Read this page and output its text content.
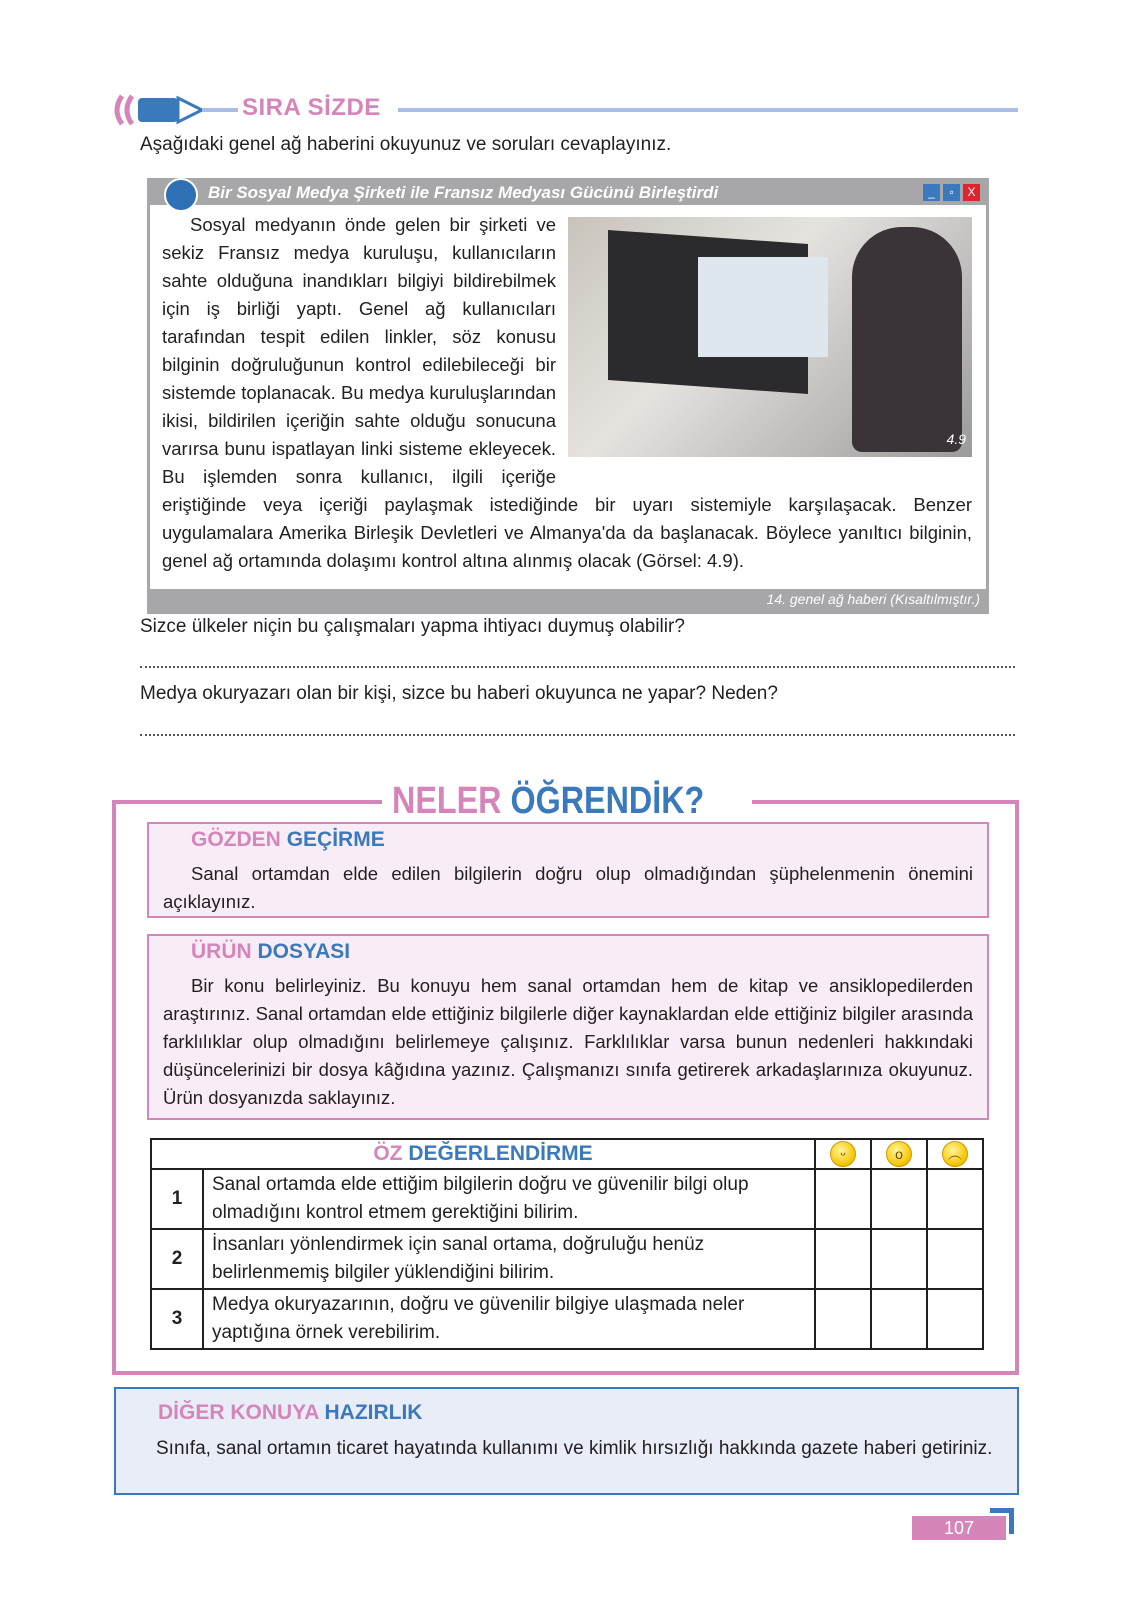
SIRA SİZDE
Aşağıdaki genel ağ haberini okuyunuz ve soruları cevaplayınız.
Bir Sosyal Medya Şirketi ile Fransız Medyası Gücünü Birleştirdi	_	▫	X
4.9
Sosyal medyanın önde gelen bir şirketi ve sekiz Fransız medya kuruluşu, kullanıcıların sahte olduğuna inandıkları bilgiyi bildirebilmek için iş birliği yaptı. Genel ağ kullanıcıları tarafından tespit edilen linkler, söz konusu bilginin doğruluğunun kontrol edilebileceği bir sistemde toplanacak. Bu medya kuruluşlarından ikisi, bildirilen içeriğin sahte olduğu sonucuna varırsa bunu ispatlayan linki sisteme ekleyecek. Bu işlemden sonra kullanıcı, ilgili içeriğe eriştiğinde veya içeriği paylaşmak istediğinde bir uyarı sistemiyle karşılaşacak. Benzer uygulamalara Amerika Birleşik Devletleri ve Almanya'da da başlanacak. Böylece yanıltıcı bilginin, genel ağ ortamında dolaşımı kontrol altına alınmış olacak (Görsel: 4.9).
14. genel ağ haberi (Kısaltılmıştır.)
Sizce ülkeler niçin bu çalışmaları yapma ihtiyacı duymuş olabilir?
Medya okuryazarı olan bir kişi, sizce bu haberi okuyunca ne yapar? Neden?
NELER ÖĞRENDİK?
GÖZDEN GEÇİRME
Sanal ortamdan elde edilen bilgilerin doğru olup olmadığından şüphelenmenin önemini açıklayınız.
ÜRÜN DOSYASI
Bir konu belirleyiniz. Bu konuyu hem sanal ortamdan hem de kitap ve ansiklopedilerden araştırınız. Sanal ortamdan elde ettiğiniz bilgilerle diğer kaynaklardan elde ettiğiniz bilgiler arasında farklılıklar olup olmadığını belirlemeye çalışınız. Farklılıklar varsa bunun nedenleri hakkındaki düşüncelerinizi bir dosya kâğıdına yazınız. Çalışmanızı sınıfa getirerek arkadaşlarınıza okuyunuz. Ürün dosyanızda saklayınız.
ÖZ DEĞERLENDİRME		ᵕ	o	︵
1	Sanal ortamda elde ettiğim bilgilerin doğru ve güvenilir bilgi olup olmadığını kontrol etmem gerektiğini bilirim.			
2	İnsanları yönlendirmek için sanal ortama, doğruluğu henüz belirlenmemiş bilgiler yüklendiğini bilirim.			
3	Medya okuryazarının, doğru ve güvenilir bilgiye ulaşmada neler yaptığına örnek verebilirim.			
DİĞER KONUYA HAZIRLIK
Sınıfa, sanal ortamın ticaret hayatında kullanımı ve kimlik hırsızlığı hakkında gazete haberi getiriniz.
107
